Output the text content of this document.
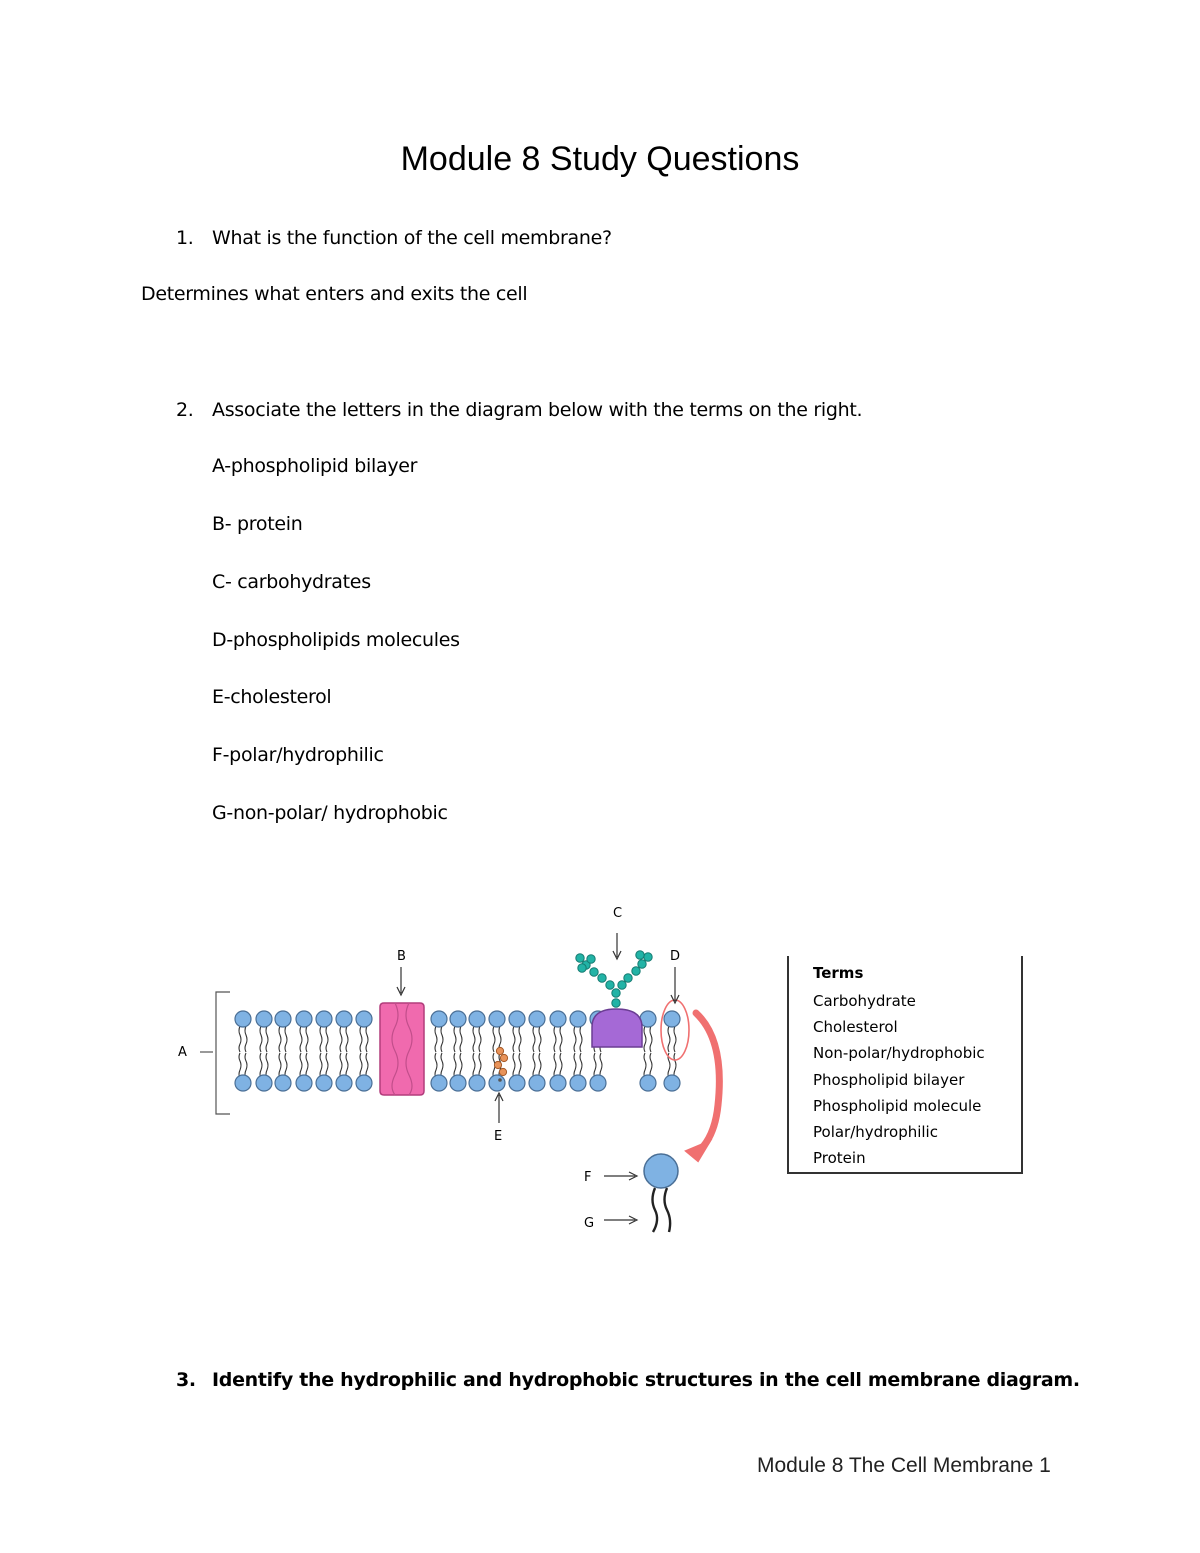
Module 8 Study Questions
1. What is the function of the cell membrane?
Determines what enters and exits the cell
2. Associate the letters in the diagram below with the terms on the right.
A-phospholipid bilayer
B- protein
C- carbohydrates
D-phospholipids molecules
E-cholesterol
F-polar/hydrophilic
G-non-polar/ hydrophobic
A
B
C
D
E
F
G
Terms
Carbohydrate
Cholesterol
Non-polar/hydrophobic
Phospholipid bilayer
Phospholipid molecule
Polar/hydrophilic
Protein
3. Identify the hydrophilic and hydrophobic structures in the cell membrane diagram.
Module 8 The Cell Membrane 1
